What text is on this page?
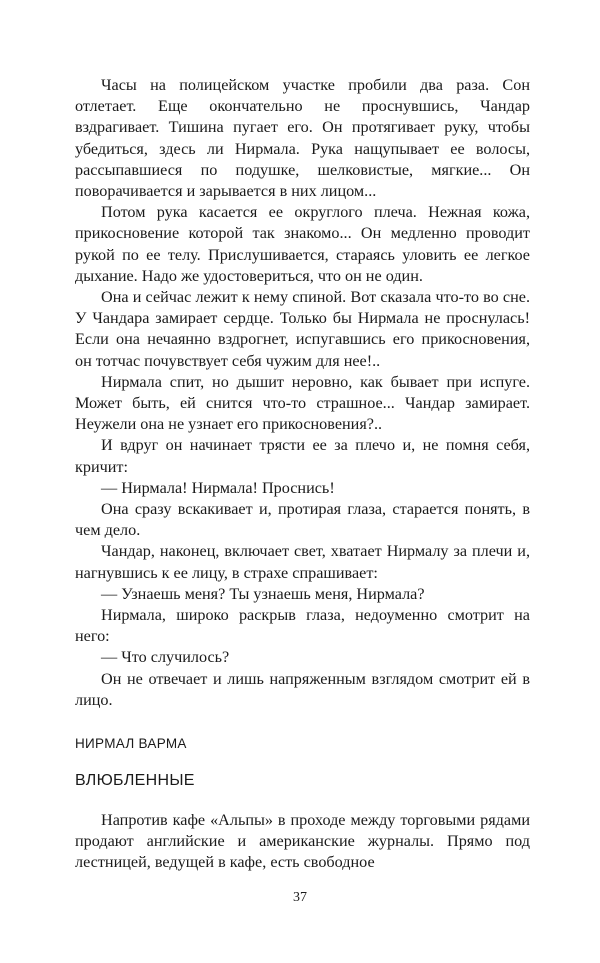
Часы на полицейском участке пробили два раза. Сон отлетает. Еще окончательно не проснувшись, Чандар вздрагивает. Тишина пугает его. Он протягивает руку, чтобы убедиться, здесь ли Нирмала. Рука нащупывает ее волосы, рассыпавшиеся по подушке, шелковистые, мягкие... Он поворачивается и зарывается в них лицом...

Потом рука касается ее округлого плеча. Нежная кожа, прикосновение которой так знакомо... Он медленно проводит рукой по ее телу. Прислушивается, стараясь уловить ее легкое дыхание. Надо же удостовериться, что он не один.

Она и сейчас лежит к нему спиной. Вот сказала что-то во сне. У Чандара замирает сердце. Только бы Нирмала не проснулась! Если она нечаянно вздрогнет, испугавшись его прикосновения, он тотчас почувствует себя чужим для нее!..

Нирмала спит, но дышит неровно, как бывает при испуге. Может быть, ей снится что-то страшное... Чандар замирает. Неужели она не узнает его прикосновения?..

И вдруг он начинает трясти ее за плечо и, не помня себя, кричит:

— Нирмала! Нирмала! Проснись!

Она сразу вскакивает и, протирая глаза, старается понять, в чем дело.

Чандар, наконец, включает свет, хватает Нирмалу за плечи и, нагнувшись к ее лицу, в страхе спрашивает:

— Узнаешь меня? Ты узнаешь меня, Нирмала?

Нирмала, широко раскрыв глаза, недоуменно смотрит на него:

— Что случилось?

Он не отвечает и лишь напряженным взглядом смотрит ей в лицо.

НИРМАЛ ВАРМА

ВЛЮБЛЕННЫЕ

Напротив кафе «Альпы» в проходе между торговыми рядами продают английские и американские журналы. Прямо под лестницей, ведущей в кафе, есть свободное

37
